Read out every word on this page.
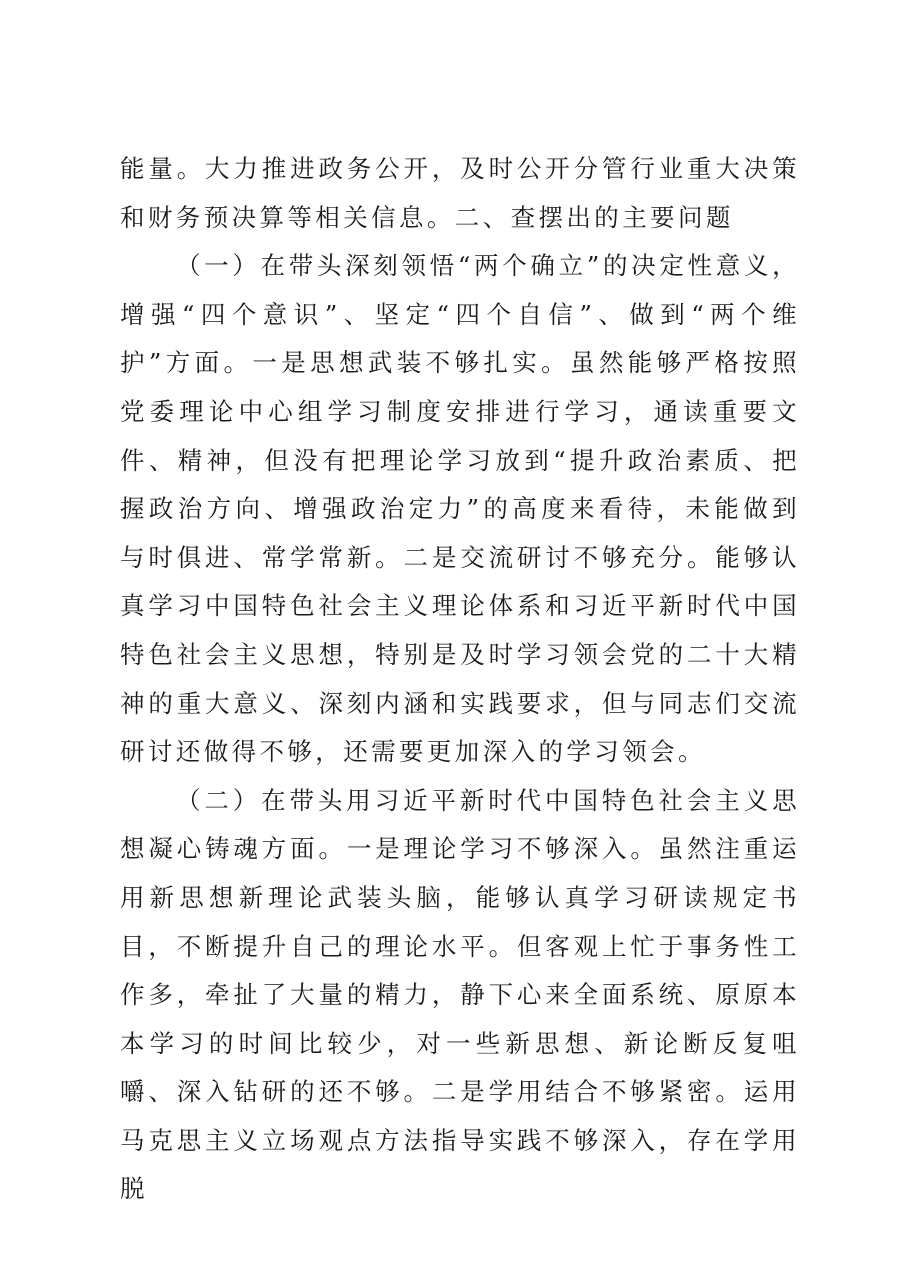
能量。大力推进政务公开，及时公开分管行业重大决策和财务预决算等相关信息。二、查摆出的主要问题

（一）在带头深刻领悟“两个确立”的决定性意义，增强“四个意识”、坚定“四个自信”、做到“两个维护”方面。一是思想武装不够扎实。虽然能够严格按照党委理论中心组学习制度安排进行学习，通读重要文件、精神，但没有把理论学习放到“提升政治素质、把握政治方向、增强政治定力”的高度来看待，未能做到与时俱进、常学常新。二是交流研讨不够充分。能够认真学习中国特色社会主义理论体系和习近平新时代中国特色社会主义思想，特别是及时学习领会党的二十大精神的重大意义、深刻内涵和实践要求，但与同志们交流研讨还做得不够，还需要更加深入的学习领会。

（二）在带头用习近平新时代中国特色社会主义思想凝心铸魂方面。一是理论学习不够深入。虽然注重运用新思想新理论武装头脑，能够认真学习研读规定书目，不断提升自己的理论水平。但客观上忙于事务性工作多，牵扯了大量的精力，静下心来全面系统、原原本本学习的时间比较少，对一些新思想、新论断反复咀嚼、深入钻研的还不够。二是学用结合不够紧密。运用马克思主义立场观点方法指导实践不够深入，存在学用脱
